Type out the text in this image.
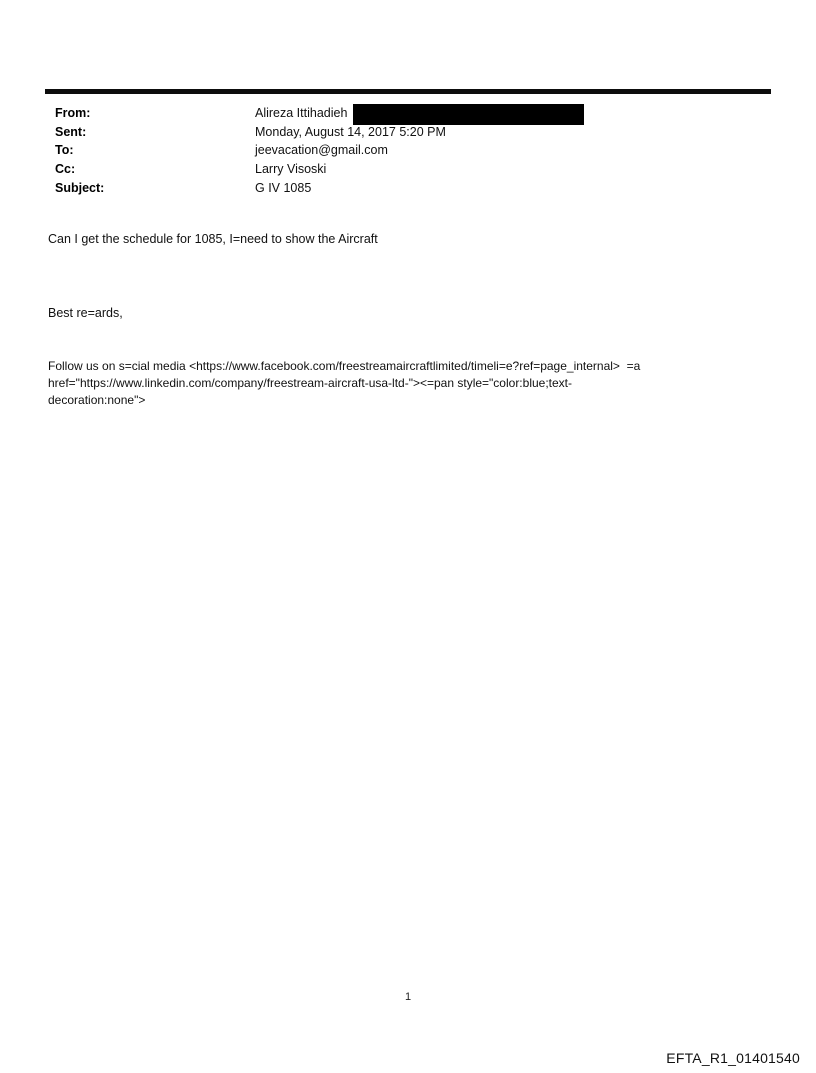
From:	Alireza Ittihadieh
Sent:	Monday, August 14, 2017 5:20 PM
To:	jeevacation@gmail.com
Cc:	Larry Visoski
Subject:	G IV 1085
Can I get the schedule for 1085, I=need to show the Aircraft
Best re=ards,
Follow us on s=cial media <https://www.facebook.com/freestreamaircraftlimited/timeli=e?ref=page_internal>  =a
href="https://www.linkedin.com/company/freestream-aircraft-usa-ltd-"><=pan style="color:blue;text-
decoration:none">
1
EFTA_R1_01401540
